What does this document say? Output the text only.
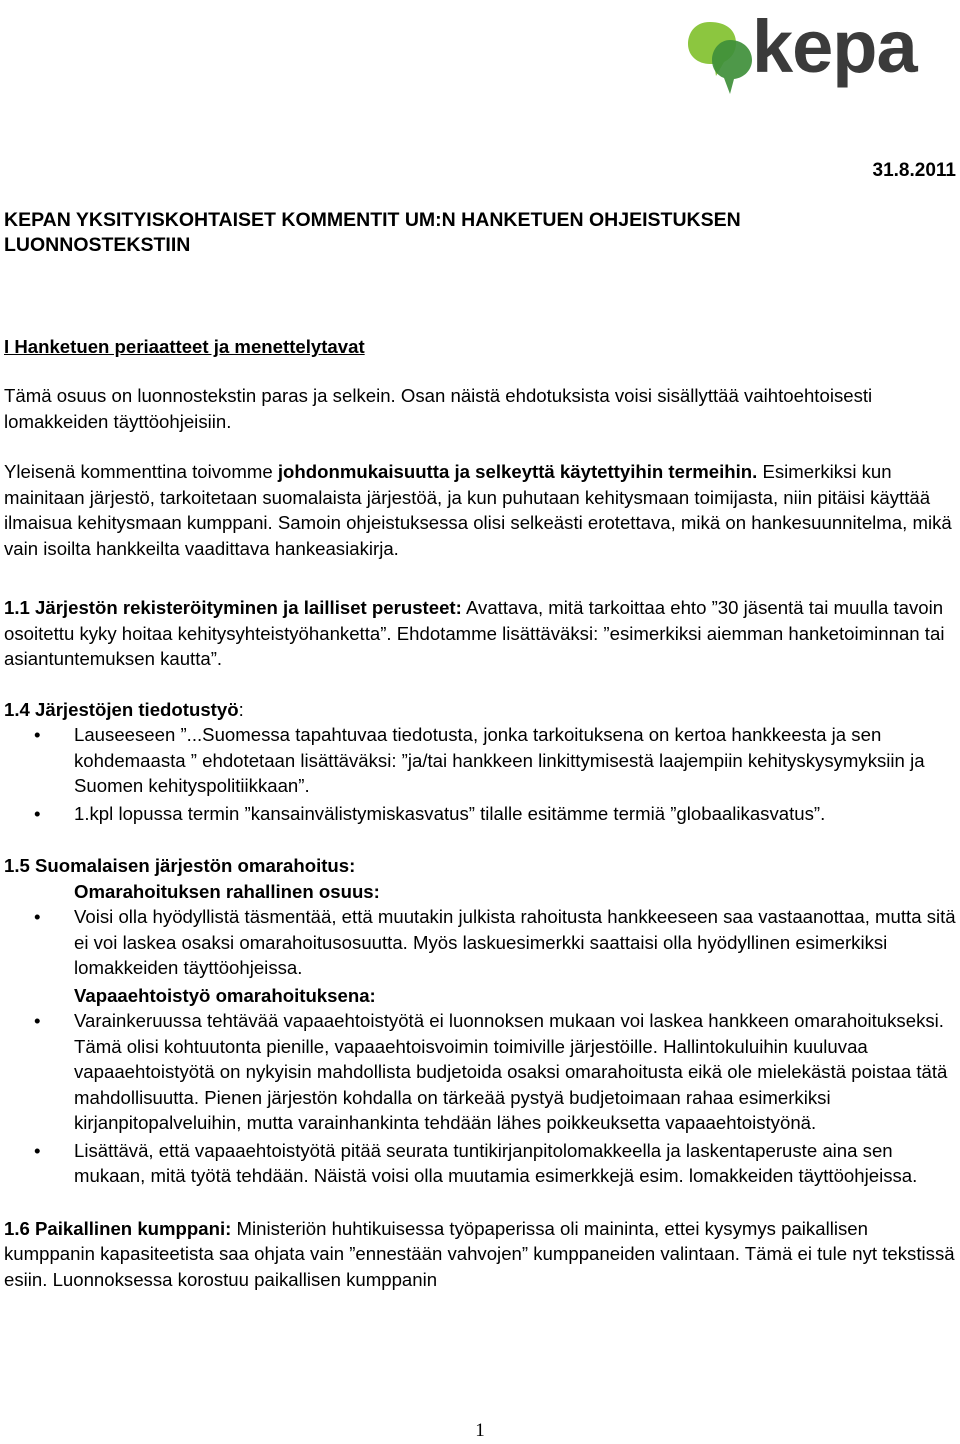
kepa
31.8.2011
KEPAN YKSITYISKOHTAISET KOMMENTIT UM:N HANKETUEN OHJEISTUKSEN
LUONNOSTEKSTIIN
I Hanketuen periaatteet ja menettelytavat

Tämä osuus on luonnostekstin paras ja selkein. Osan näistä ehdotuksista voisi sisällyttää vaihtoehtoisesti lomakkeiden täyttöohjeisiin.

Yleisenä kommenttina toivomme johdonmukaisuutta ja selkeyttä käytettyihin termeihin. Esimerkiksi kun mainitaan järjestö, tarkoitetaan suomalaista järjestöä, ja kun puhutaan kehitysmaan toimijasta, niin pitäisi käyttää ilmaisua kehitysmaan kumppani. Samoin ohjeistuksessa olisi selkeästi erotettava, mikä on hankesuunnitelma, mikä vain isoilta hankkeilta vaadittava hankeasiakirja.

1.1 Järjestön rekisteröityminen ja lailliset perusteet: Avattava, mitä tarkoittaa ehto ”30 jäsentä tai muulla tavoin osoitettu kyky hoitaa kehitysyhteistyöhanketta”. Ehdotamme lisättäväksi: ”esimerkiksi aiemman hanketoiminnan tai asiantuntemuksen kautta”.

1.4 Järjestöjen tiedotustyö:

• Lauseeseen ”...Suomessa tapahtuvaa tiedotusta, jonka tarkoituksena on kertoa hankkeesta ja sen kohdemaasta ” ehdotetaan lisättäväksi: ”ja/tai hankkeen linkittymisestä laajempiin kehityskysymyksiin ja Suomen kehityspolitiikkaan”.
• 1.kpl lopussa termin ”kansainvälistymiskasvatus” tilalle esitämme termiä ”globaalikasvatus”.

1.5 Suomalaisen järjestön omarahoitus:

Omarahoituksen rahallinen osuus:

• Voisi olla hyödyllistä täsmentää, että muutakin julkista rahoitusta hankkeeseen saa vastaanottaa, mutta sitä ei voi laskea osaksi omarahoitusosuutta. Myös laskuesimerkki saattaisi olla hyödyllinen esimerkiksi lomakkeiden täyttöohjeissa.

Vapaaehtoistyö omarahoituksena:

• Varainkeruussa tehtävää vapaaehtoistyötä ei luonnoksen mukaan voi laskea hankkeen omarahoitukseksi. Tämä olisi kohtuutonta pienille, vapaaehtoisvoimin toimiville järjestöille. Hallintokuluihin kuuluvaa vapaaehtoistyötä on nykyisin mahdollista budjetoida osaksi omarahoitusta eikä ole mielekästä poistaa tätä mahdollisuutta. Pienen järjestön kohdalla on tärkeää pystyä budjetoimaan rahaa esimerkiksi kirjanpitopalveluihin, mutta varainhankinta tehdään lähes poikkeuksetta vapaaehtoistyönä.
• Lisättävä, että vapaaehtoistyötä pitää seurata tuntikirjanpitolomakkeella ja laskentaperuste aina sen mukaan, mitä työtä tehdään. Näistä voisi olla muutamia esimerkkejä esim. lomakkeiden täyttöohjeissa.

1.6 Paikallinen kumppani: Ministeriön huhtikuisessa työpaperissa oli maininta, ettei kysymys paikallisen kumppanin kapasiteetista saa ohjata vain ”ennestään vahvojen” kumppaneiden valintaan. Tämä ei tule nyt tekstissä esiin. Luonnoksessa korostuu paikallisen kumppanin

1
